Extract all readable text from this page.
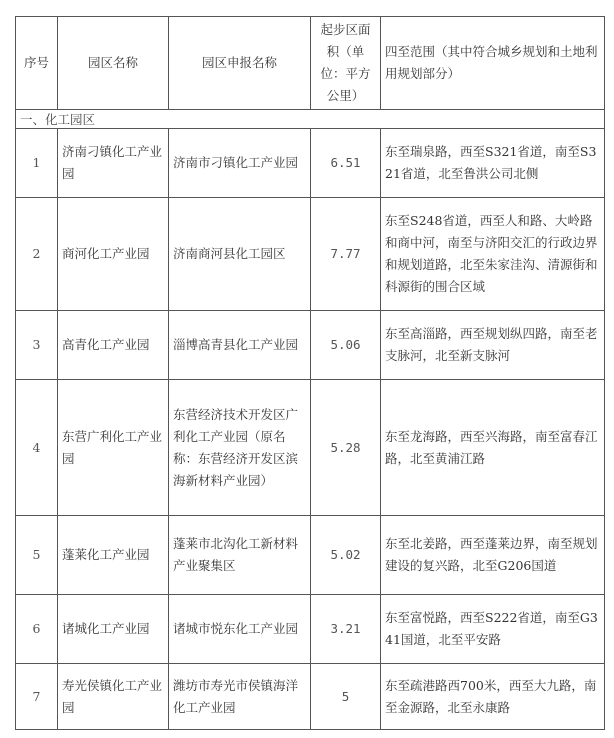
序号	园区名称	园区申报名称	起步区面积（单位：平方公里）	四至范围（其中符合城乡规划和土地利用规划部分）
一、化工园区				
1	济南刁镇化工产业园	济南市刁镇化工产业园	6.51	东至瑞泉路，西至S321省道，南至S321省道，北至鲁洪公司北侧
2	商河化工产业园	济南商河县化工园区	7.77	东至S248省道，西至人和路、大岭路和商中河，南至与济阳交汇的行政边界和规划道路，北至朱家洼沟、清源街和科源街的围合区域
3	高青化工产业园	淄博高青县化工产业园	5.06	东至高淄路，西至规划纵四路，南至老支脉河，北至新支脉河
4	东营广利化工产业园	东营经济技术开发区广利化工产业园（原名称：东营经济开发区滨海新材料产业园）	5.28	东至龙海路，西至兴海路，南至富春江路，北至黄浦江路
5	蓬莱化工产业园	蓬莱市北沟化工新材料产业聚集区	5.02	东至北姜路，西至蓬莱边界，南至规划建设的复兴路，北至G206国道
6	诸城化工产业园	诸城市悦东化工产业园	3.21	东至富悦路，西至S222省道，南至G341国道，北至平安路
7	寿光侯镇化工产业园	潍坊市寿光市侯镇海洋化工产业园	5	东至疏港路西700米，西至大九路，南至金源路，北至永康路
